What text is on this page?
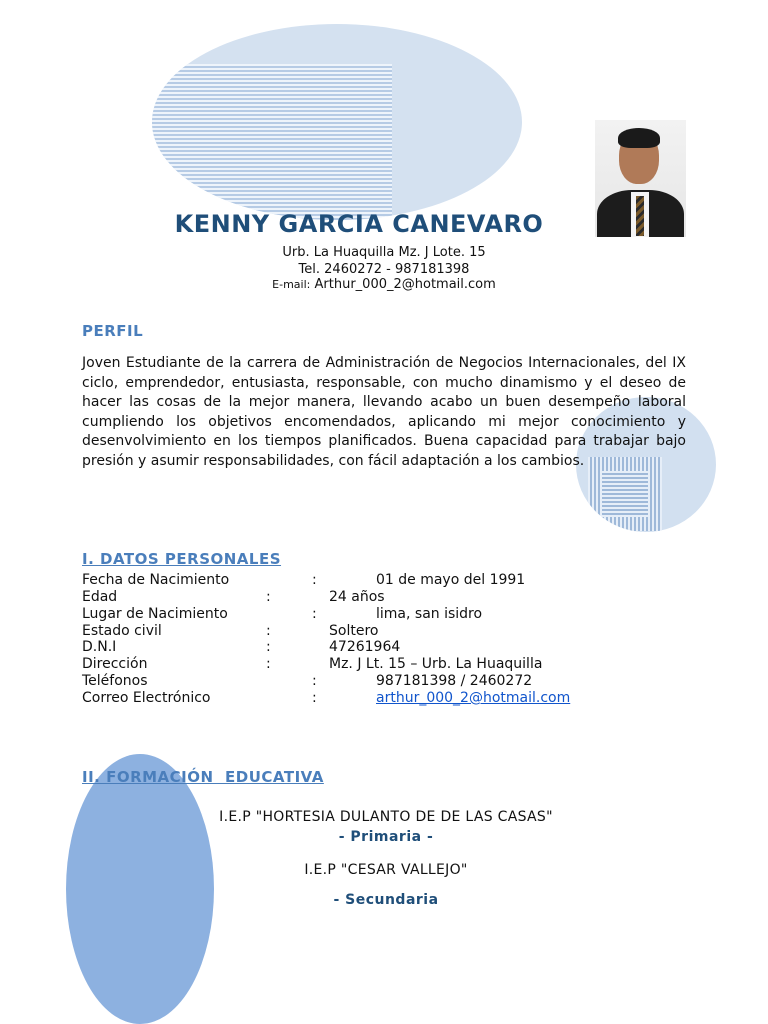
KENNY GARCIA CANEVARO
Urb. La Huaquilla Mz. J Lote. 15
Tel. 2460272 - 987181398
E-mail: Arthur_000_2@hotmail.com
PERFIL
Joven Estudiante de la carrera de Administración de Negocios Internacionales, del IX ciclo, emprendedor, entusiasta, responsable, con mucho dinamismo y el deseo de hacer las cosas de la mejor manera, llevando acabo un buen desempeño laboral cumpliendo los objetivos encomendados, aplicando mi mejor conocimiento y desenvolvimiento en los tiempos planificados. Buena capacidad para trabajar bajo presión y asumir responsabilidades, con fácil adaptación a los cambios.
I. DATOS PERSONALES
Fecha de Nacimiento	:	01 de mayo del 1991
Edad	:	24 años
Lugar de Nacimiento	:	lima, san isidro
Estado civil	:	Soltero
D.N.I	:	47261964
Dirección	:	Mz. J Lt. 15 – Urb. La Huaquilla
Teléfonos	:	987181398 / 2460272
Correo Electrónico	:	arthur_000_2@hotmail.com
II. FORMACIÓN  EDUCATIVA
I.E.P "HORTESIA DULANTO DE DE LAS CASAS"
- Primaria -
I.E.P "CESAR VALLEJO"
- Secundaria
